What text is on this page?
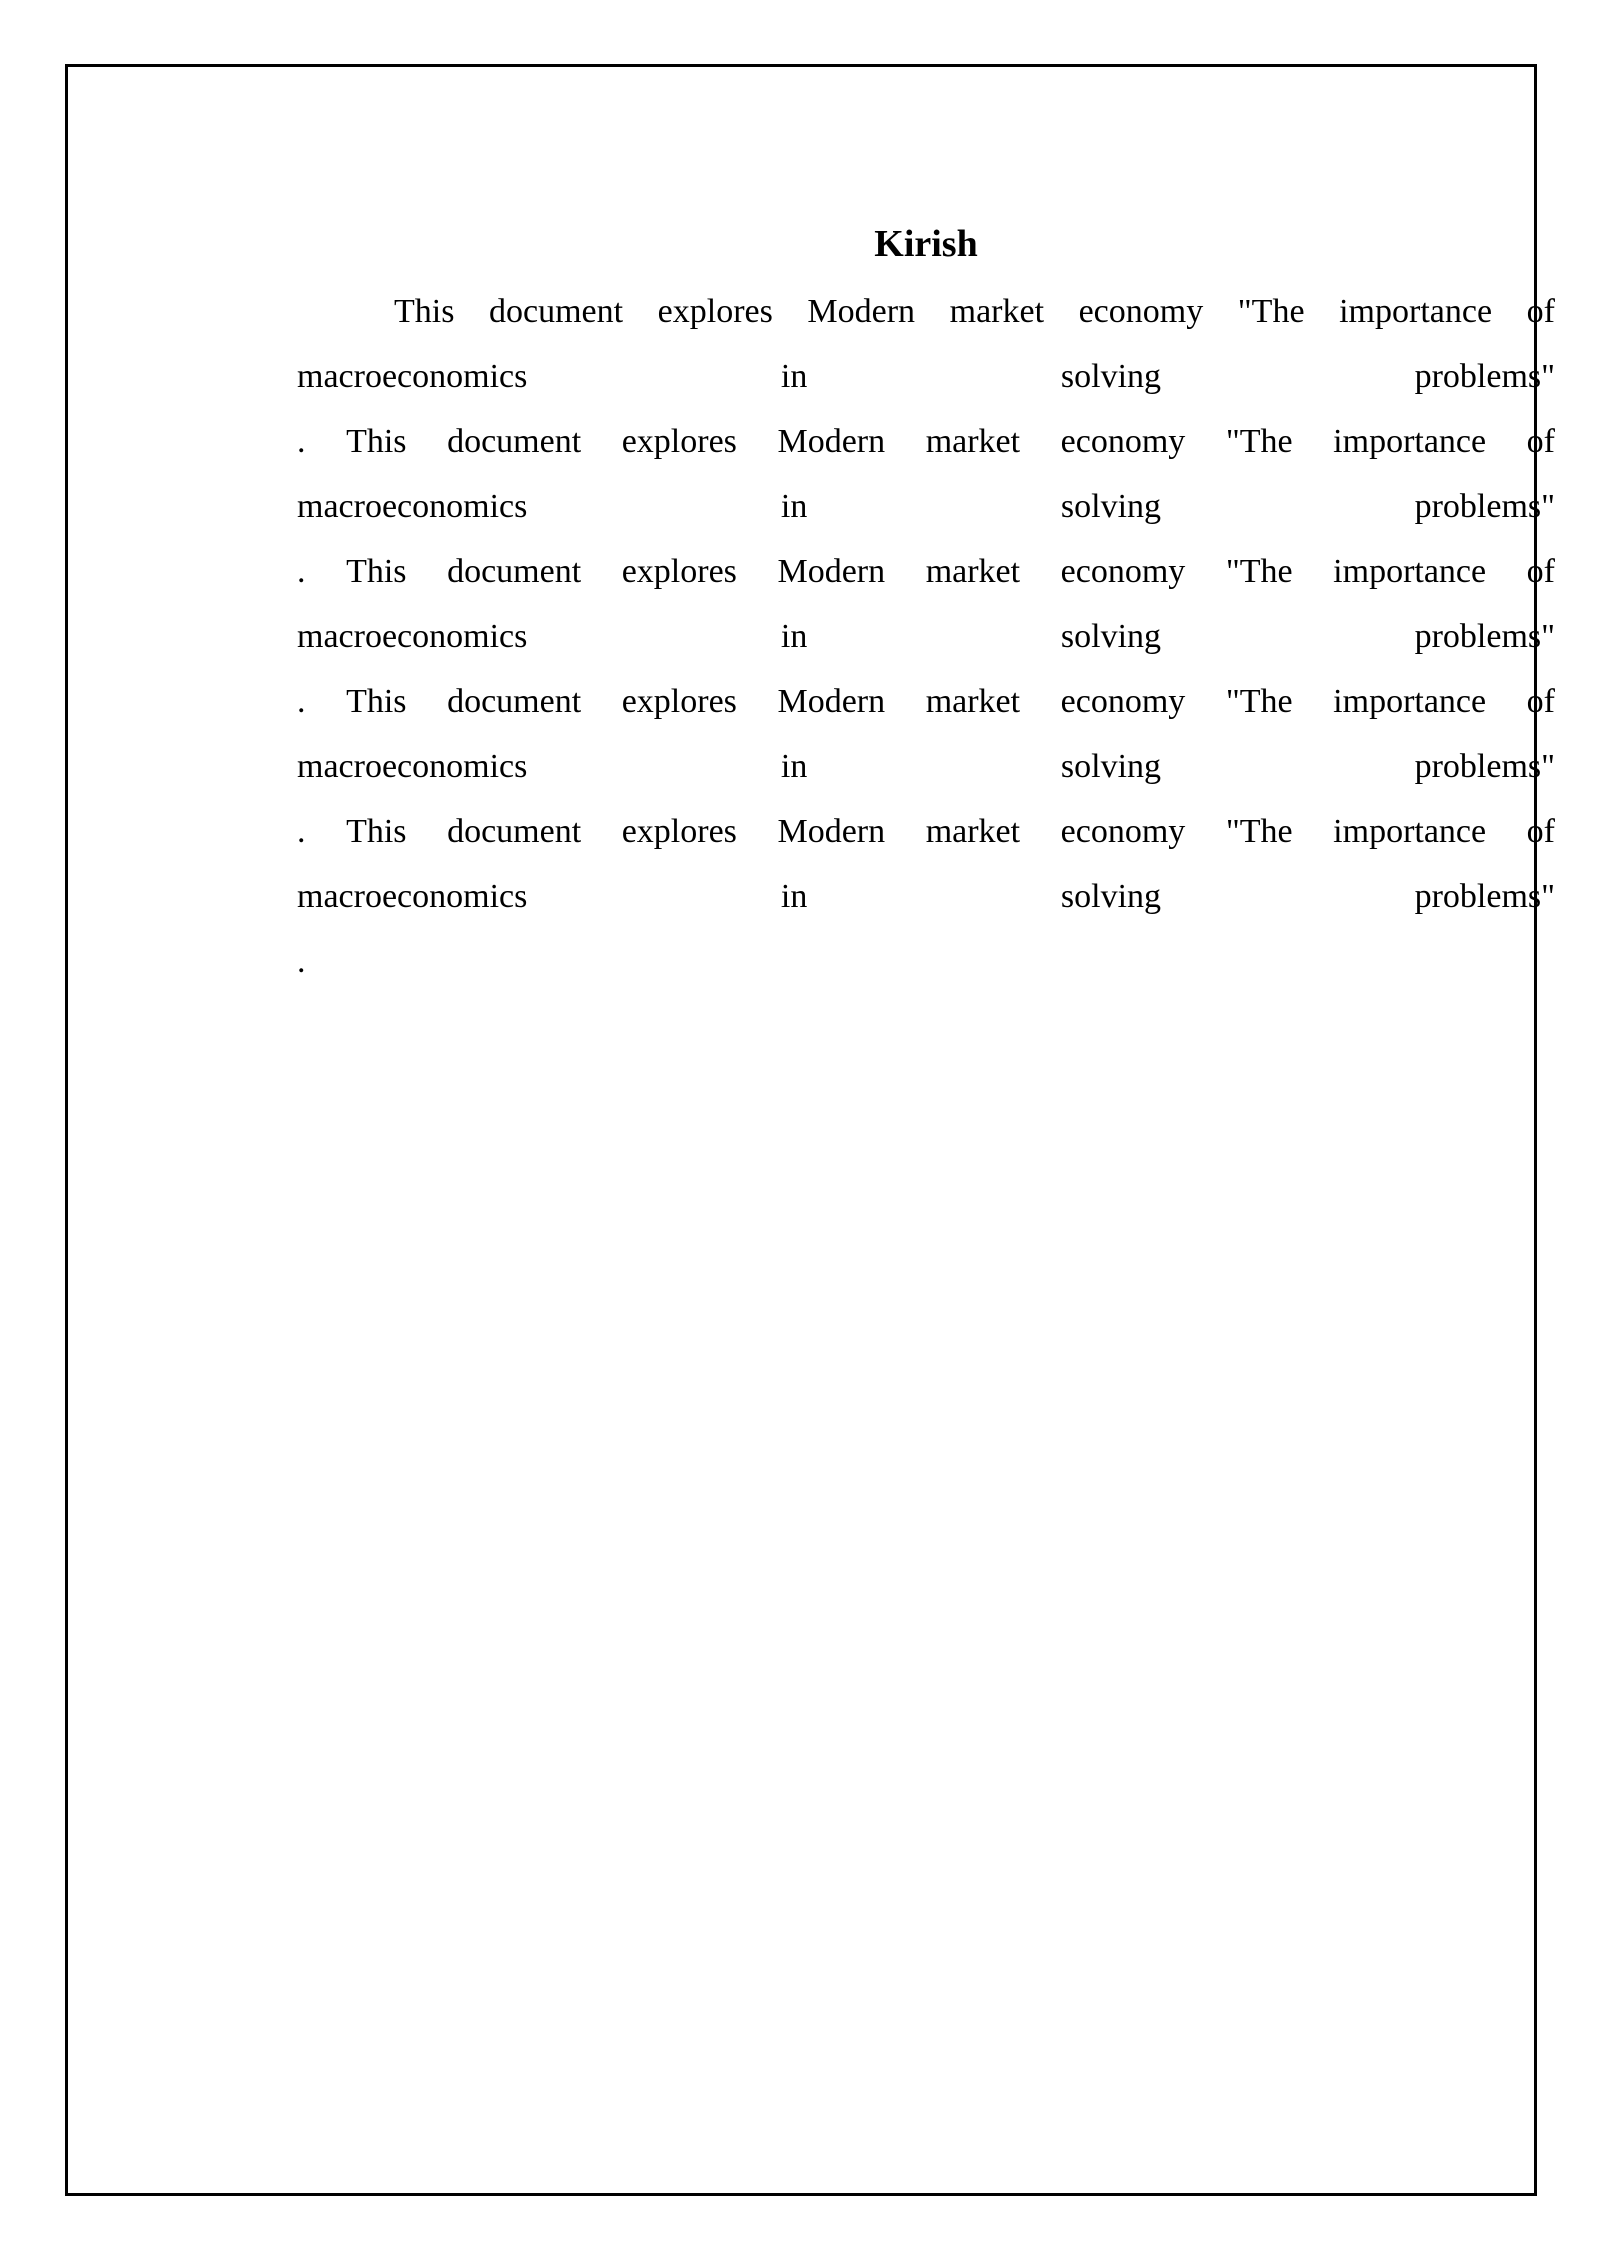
Kirish
This document explores Modern market economy "The importance of
macroeconomics	in	solving	problems"
. This document explores Modern market economy "The importance of
macroeconomics	in	solving	problems"
. This document explores Modern market economy "The importance of
macroeconomics	in	solving	problems"
. This document explores Modern market economy "The importance of
macroeconomics	in	solving	problems"
. This document explores Modern market economy "The importance of
macroeconomics	in	solving	problems"
.
